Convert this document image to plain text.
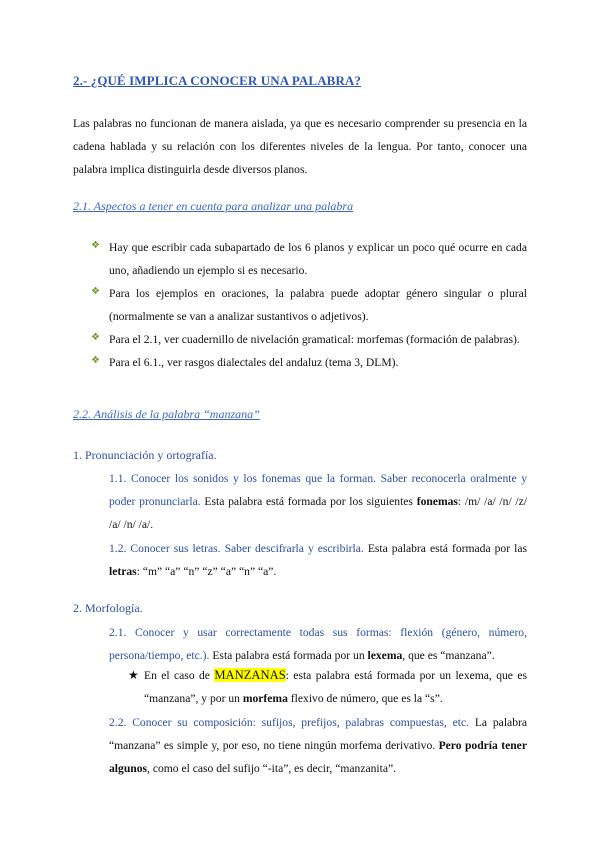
2.- ¿QUÉ IMPLICA CONOCER UNA PALABRA?
Las palabras no funcionan de manera aislada, ya que es necesario comprender su presencia en la cadena hablada y su relación con los diferentes niveles de la lengua. Por tanto, conocer una palabra implica distinguirla desde diversos planos.
2.1. Aspectos a tener en cuenta para analizar una palabra
❖ Hay que escribir cada subapartado de los 6 planos y explicar un poco qué ocurre en cada uno, añadiendo un ejemplo si es necesario.
❖ Para los ejemplos en oraciones, la palabra puede adoptar género singular o plural (normalmente se van a analizar sustantivos o adjetivos).
❖ Para el 2.1, ver cuadernillo de nivelación gramatical: morfemas (formación de palabras).
❖ Para el 6.1., ver rasgos dialectales del andaluz (tema 3, DLM).
2.2. Análisis de la palabra “manzana”
1. Pronunciación y ortografía.
1.1. Conocer los sonidos y los fonemas que la forman. Saber reconocerla oralmente y poder pronunciarla. Esta palabra está formada por los siguientes fonemas: /m/ /a/ /n/ /z/ /a/ /n/ /a/.
1.2. Conocer sus letras. Saber descifrarla y escribirla. Esta palabra está formada por las letras: “m” “a” “n” “z” “a” “n” “a”.
2. Morfología.
2.1. Conocer y usar correctamente todas sus formas: flexión (género, número, persona/tiempo, etc.). Esta palabra está formada por un lexema, que es “manzana”.
★ En el caso de MANZANAS: esta palabra está formada por un lexema, que es “manzana”, y por un morfema flexivo de número, que es la “s”.
2.2. Conocer su composición: sufijos, prefijos, palabras compuestas, etc. La palabra “manzana” es simple y, por eso, no tiene ningún morfema derivativo. Pero podría tener algunos, como el caso del sufijo “-ita”, es decir, “manzanita”.
